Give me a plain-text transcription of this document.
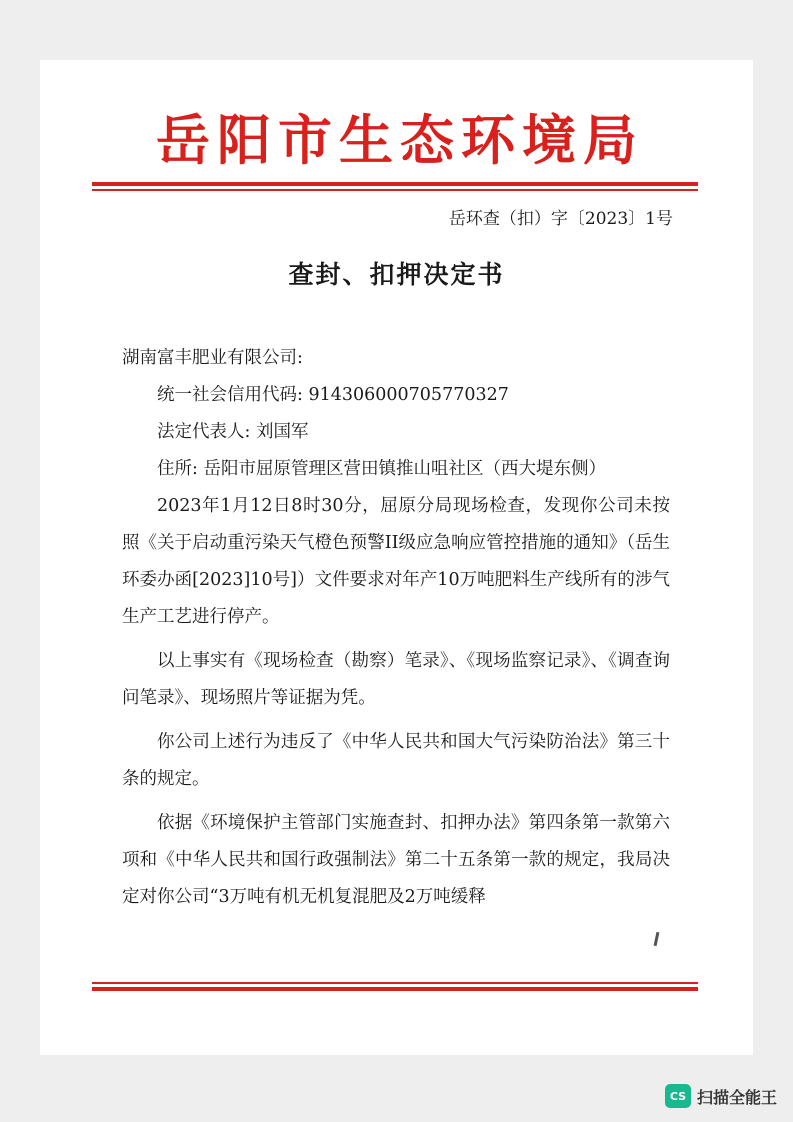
岳阳市生态环境局
岳环查（扣）字〔2023〕1号
查封、扣押决定书

湖南富丰肥业有限公司:

统一社会信用代码: 914306000705770327

法定代表人: 刘国军

住所: 岳阳市屈原管理区营田镇推山咀社区（西大堤东侧）

2023年1月12日8时30分，屈原分局现场检查，发现你公司未按照《关于启动重污染天气橙色预警II级应急响应管控措施的通知》（岳生环委办函[2023]10号]）文件要求对年产10万吨肥料生产线所有的涉气生产工艺进行停产。

以上事实有《现场检查（勘察）笔录》、《现场监察记录》、《调查询问笔录》、现场照片等证据为凭。

你公司上述行为违反了《中华人民共和国大气污染防治法》第三十条的规定。

依据《环境保护主管部门实施查封、扣押办法》第四条第一款第六项和《中华人民共和国行政强制法》第二十五条第一款的规定，我局决定对你公司“3万吨有机无机复混肥及2万吨缓释

CS 扫描全能王
